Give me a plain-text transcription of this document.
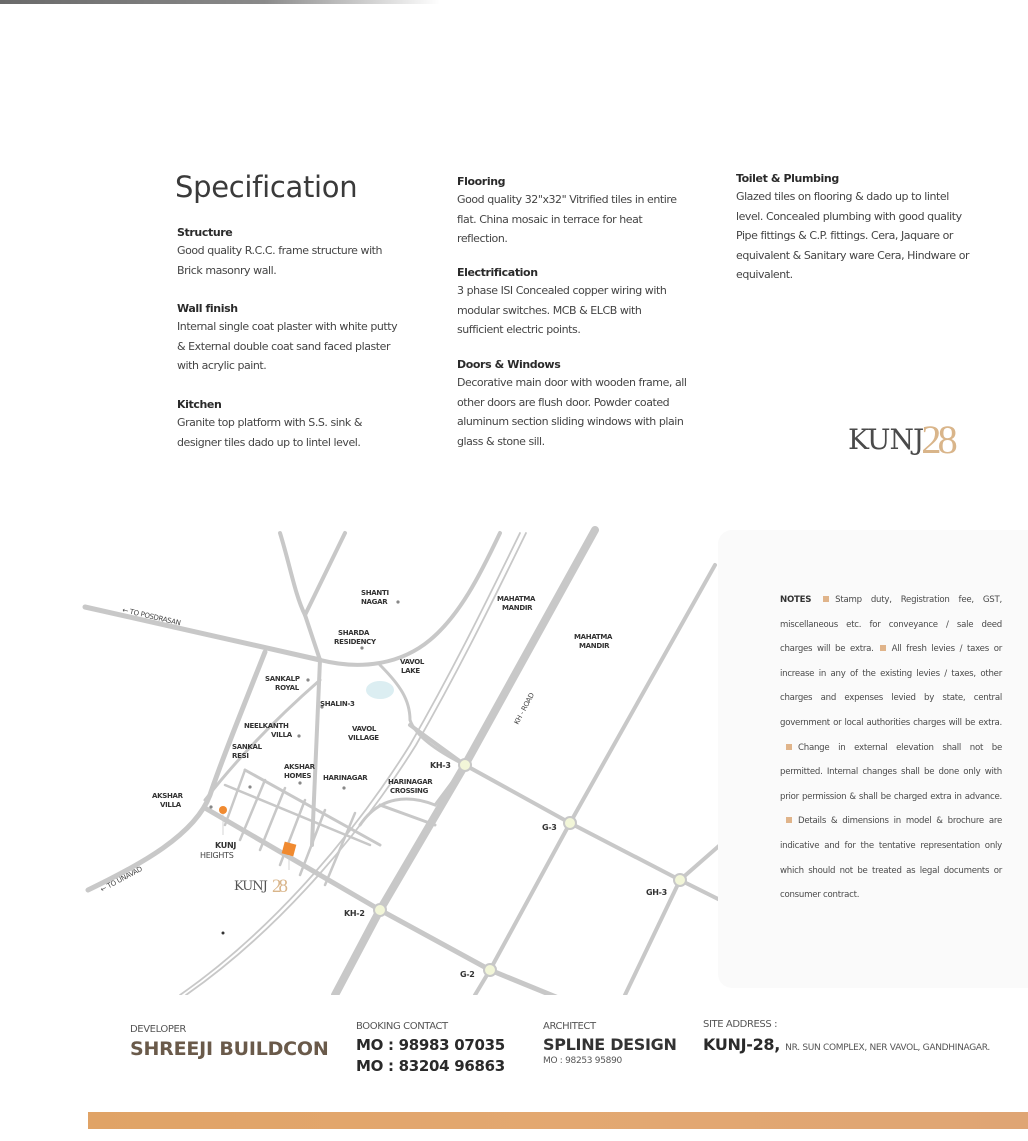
Specification

Structure

Good quality R.C.C. frame structure with Brick masonry wall.

Wall finish

Internal single coat plaster with white putty & External double coat sand faced plaster with acrylic paint.

Kitchen

Granite top platform with S.S. sink & designer tiles dado up to lintel level.

Flooring

Good quality 32"x32" Vitrified tiles in entire flat. China mosaic in terrace for heat reflection.

Electrification

3 phase ISI Concealed copper wiring with modular switches. MCB & ELCB with sufficient electric points.

Doors & Windows

Decorative main door with wooden frame, all other doors are flush door. Powder coated aluminum section sliding windows with plain glass & stone sill.

Toilet & Plumbing

Glazed tiles on flooring & dado up to lintel level. Concealed plumbing with good quality Pipe fittings & C.P. fittings. Cera, Jaquare or equivalent & Sanitary ware Cera, Hindware or equivalent.

KUNJ28
← TO POSDRASAN
← TO UNAVAD
KH - ROAD
SHANTI
NAGAR
SHARDA
RESIDENCY
VAVOL
LAKE
SANKALP
ROYAL
SHALIN-3
NEELKANTH
VILLA
VAVOL
VILLAGE
SANKAL
RESI
AKSHAR
HOMES HARINAGAR	HARINAGAR
CROSSING
AKSHAR
VILLA
KUNJ
HEIGHTS
MAHATMA
MANDIR
MAHATMA
MANDIR
KH-3
KH-2
G-3
G-2
GH-3
KUNJ 28
NOTES	Stamp duty, Registration fee, GST, miscellaneous etc. for conveyance / sale deed charges will be extra. All fresh levies / taxes or increase in any of the existing levies / taxes, other charges and expenses levied by state, central government or local authorities charges will be extra.Change in external elevation shall not be permitted. Internal changes shall be done only with prior permission & shall be charged extra in advance.Details & dimensions in model & brochure are indicative and for the tentative representation only which should not be treated as legal documents or consumer contract.
DEVELOPER
SHREEJI BUILDCON
BOOKING CONTACT
MO : 98983 07035
MO : 83204 96863
ARCHITECT
SPLINE DESIGN
MO : 98253 95890
SITE ADDRESS :
KUNJ-28, NR. SUN COMPLEX, NER VAVOL, GANDHINAGAR.
